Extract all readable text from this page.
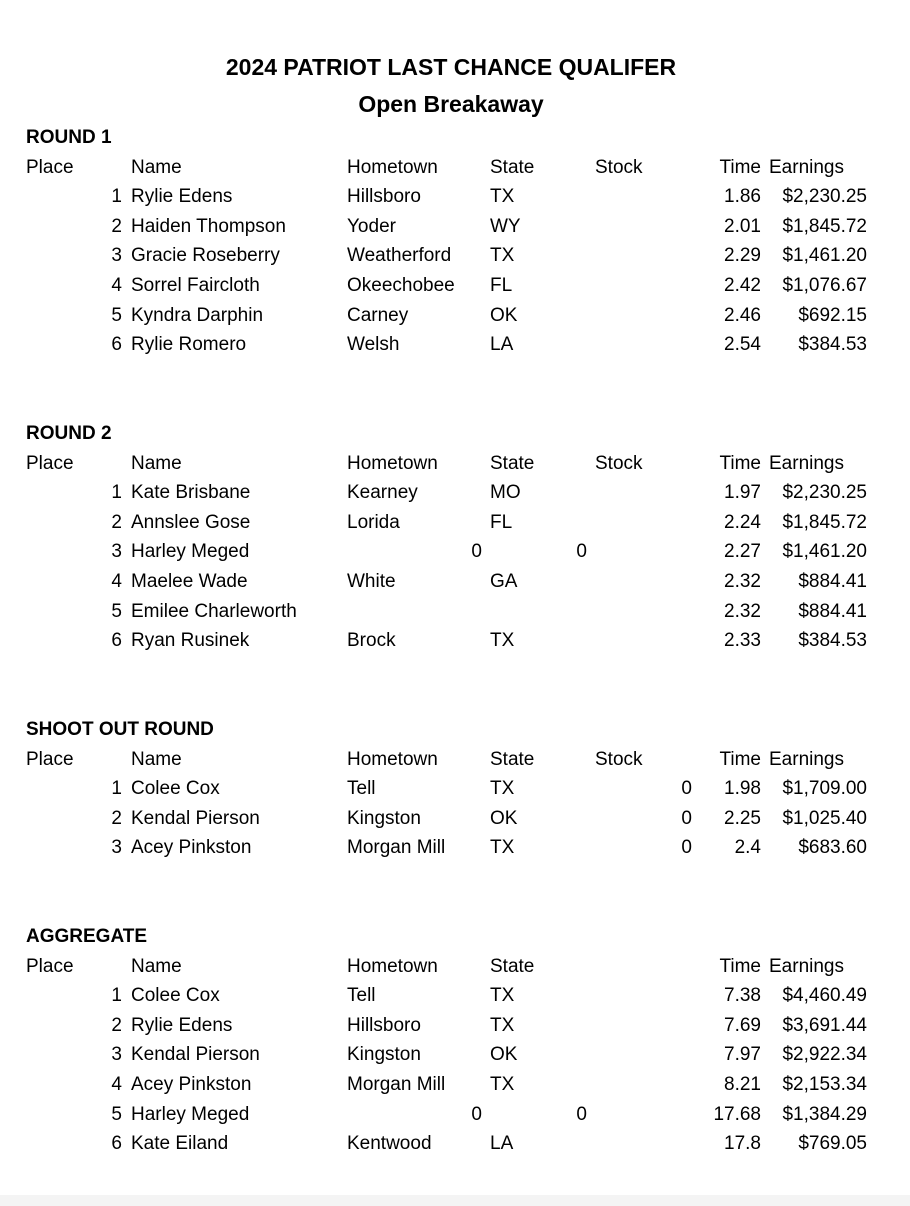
2024 PATRIOT LAST CHANCE QUALIFER
Open Breakaway
ROUND 1
Place	Name	Hometown	State	Stock	Time Earnings
1 Rylie Edens	Hillsboro	TX	1.86	$2,230.25
2 Haiden Thompson	Yoder	WY	2.01	$1,845.72
3 Gracie Roseberry	Weatherford TX	2.29	$1,461.20
4 Sorrel Faircloth	Okeechobee FL	2.42	$1,076.67
5 Kyndra Darphin	Carney	OK	2.46	$692.15
6 Rylie Romero	Welsh	LA	2.54	$384.53
ROUND 2
Place	Name	Hometown	State	Stock	Time Earnings
1 Kate Brisbane	Kearney	MO	1.97	$2,230.25
2 Annslee Gose	Lorida	FL	2.24	$1,845.72
3 Harley Meged	0	0	2.27	$1,461.20
4 Maelee Wade	White	GA	2.32	$884.41
5 Emilee Charleworth	2.32	$884.41
6 Ryan Rusinek	Brock	TX	2.33	$384.53
SHOOT OUT ROUND
Place	Name	Hometown	State	Stock	Time Earnings
1 Colee Cox	Tell	TX	0	1.98	$1,709.00
2 Kendal Pierson	Kingston	OK	0	2.25	$1,025.40
3 Acey Pinkston	Morgan Mill TX	0	2.4	$683.60
AGGREGATE
Place	Name	Hometown	State	Time Earnings
1 Colee Cox	Tell	TX	7.38	$4,460.49
2 Rylie Edens	Hillsboro	TX	7.69	$3,691.44
3 Kendal Pierson	Kingston	OK	7.97	$2,922.34
4 Acey Pinkston	Morgan Mill TX	8.21	$2,153.34
5 Harley Meged	0	0	17.68	$1,384.29
6 Kate Eiland	Kentwood	LA	17.8	$769.05
